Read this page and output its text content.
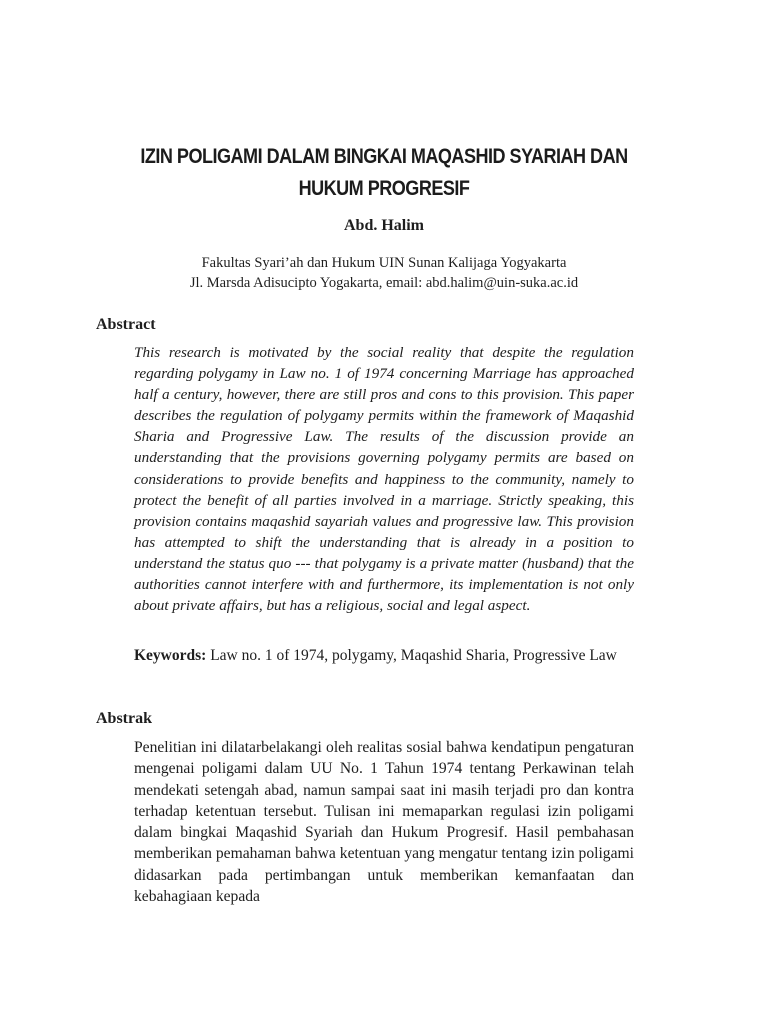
IZIN POLIGAMI DALAM BINGKAI MAQASHID SYARIAH DAN
HUKUM PROGRESIF
Abd. Halim
Fakultas Syari’ah dan Hukum UIN Sunan Kalijaga Yogyakarta
Jl. Marsda Adisucipto Yogakarta, email: abd.halim@uin-suka.ac.id
Abstract

This research is motivated by the social reality that despite the regulation regarding polygamy in Law no. 1 of 1974 concerning Marriage has approached half a century, however, there are still pros and cons to this provision. This paper describes the regulation of polygamy permits within the framework of Maqashid Sharia and Progressive Law. The results of the discussion provide an understanding that the provisions governing polygamy permits are based on considerations to provide benefits and happiness to the community, namely to protect the benefit of all parties involved in a marriage. Strictly speaking, this provision contains maqashid sayariah values and progressive law. This provision has attempted to shift the understanding that is already in a position to understand the status quo --- that polygamy is a private matter (husband) that the authorities cannot interfere with and furthermore, its implementation is not only about private affairs, but has a religious, social and legal aspect.

Keywords: Law no. 1 of 1974, polygamy, Maqashid Sharia, Progressive Law

Abstrak

Penelitian ini dilatarbelakangi oleh realitas sosial bahwa kendatipun pengaturan mengenai poligami dalam UU No. 1 Tahun 1974 tentang Perkawinan telah mendekati setengah abad, namun sampai saat ini masih terjadi pro dan kontra terhadap ketentuan tersebut. Tulisan ini memaparkan regulasi izin poligami dalam bingkai Maqashid Syariah dan Hukum Progresif. Hasil pembahasan memberikan pemahaman bahwa ketentuan yang mengatur tentang izin poligami didasarkan pada pertimbangan untuk memberikan kemanfaatan dan kebahagiaan kepada
